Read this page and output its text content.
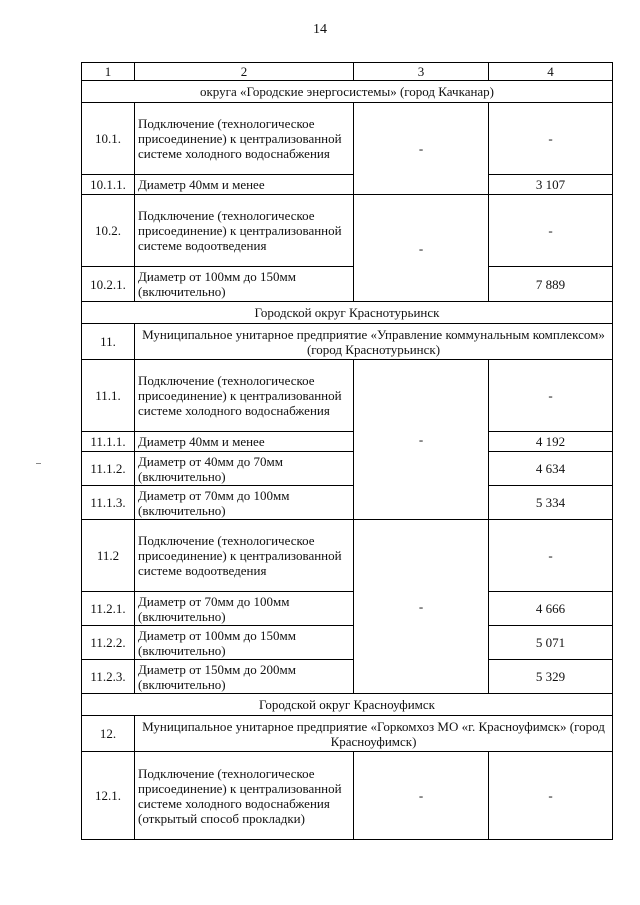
14
1	2	3	4
округа «Городские энергосистемы» (город Качканар)			
10.1.	Подключение (технологическое присоединение) к централизованной системе холодного водоснабжения	-	-
10.1.1.	Диаметр 40мм и менее		3 107
10.2.	Подключение (технологическое присоединение) к централизованной системе водоотведения	-	-
10.2.1.	Диаметр от 100мм до 150мм (включительно)		7 889
Городской округ Краснотурьинск			
11.	Муниципальное унитарное предприятие «Управление коммунальным комплексом» (город Краснотурьинск)		
11.1.	Подключение (технологическое присоединение) к централизованной системе холодного водоснабжения	-	-
11.1.1.	Диаметр 40мм и менее		4 192
11.1.2.	Диаметр от 40мм до 70мм (включительно)		4 634
11.1.3.	Диаметр от 70мм до 100мм (включительно)		5 334
11.2	Подключение (технологическое присоединение) к централизованной системе водоотведения	-	-
11.2.1.	Диаметр от 70мм до 100мм (включительно)		4 666
11.2.2.	Диаметр от 100мм до 150мм (включительно)		5 071
11.2.3.	Диаметр от 150мм до 200мм (включительно)		5 329
Городской округ Красноуфимск			
12.	Муниципальное унитарное предприятие «Горкомхоз МО «г. Красноуфимск» (город Красноуфимск)		
12.1.	Подключение (технологическое присоединение) к централизованной системе холодного водоснабжения (открытый способ прокладки)	-	-
